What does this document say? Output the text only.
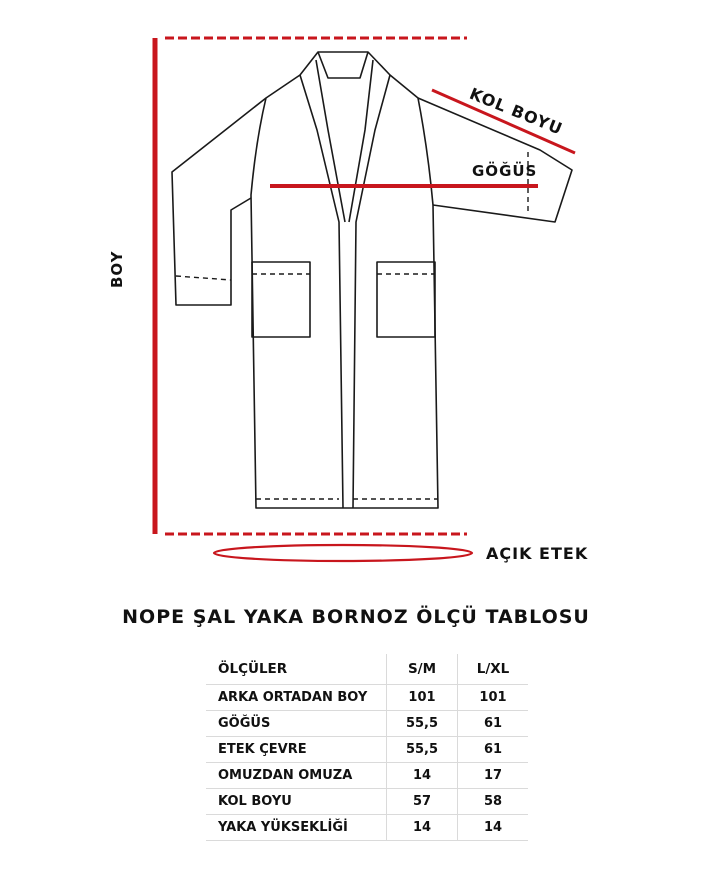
BOY
KOL BOYU
GÖĞÜS
AÇIK ETEK
NOPE ŞAL YAKA BORNOZ ÖLÇÜ TABLOSU
ÖLÇÜLER	S/M	L/XL
ARKA ORTADAN BOY	101	101
GÖĞÜS	55,5	61
ETEK ÇEVRE	55,5	61
OMUZDAN OMUZA	14	17
KOL BOYU	57	58
YAKA YÜKSEKLİĞİ	14	14
